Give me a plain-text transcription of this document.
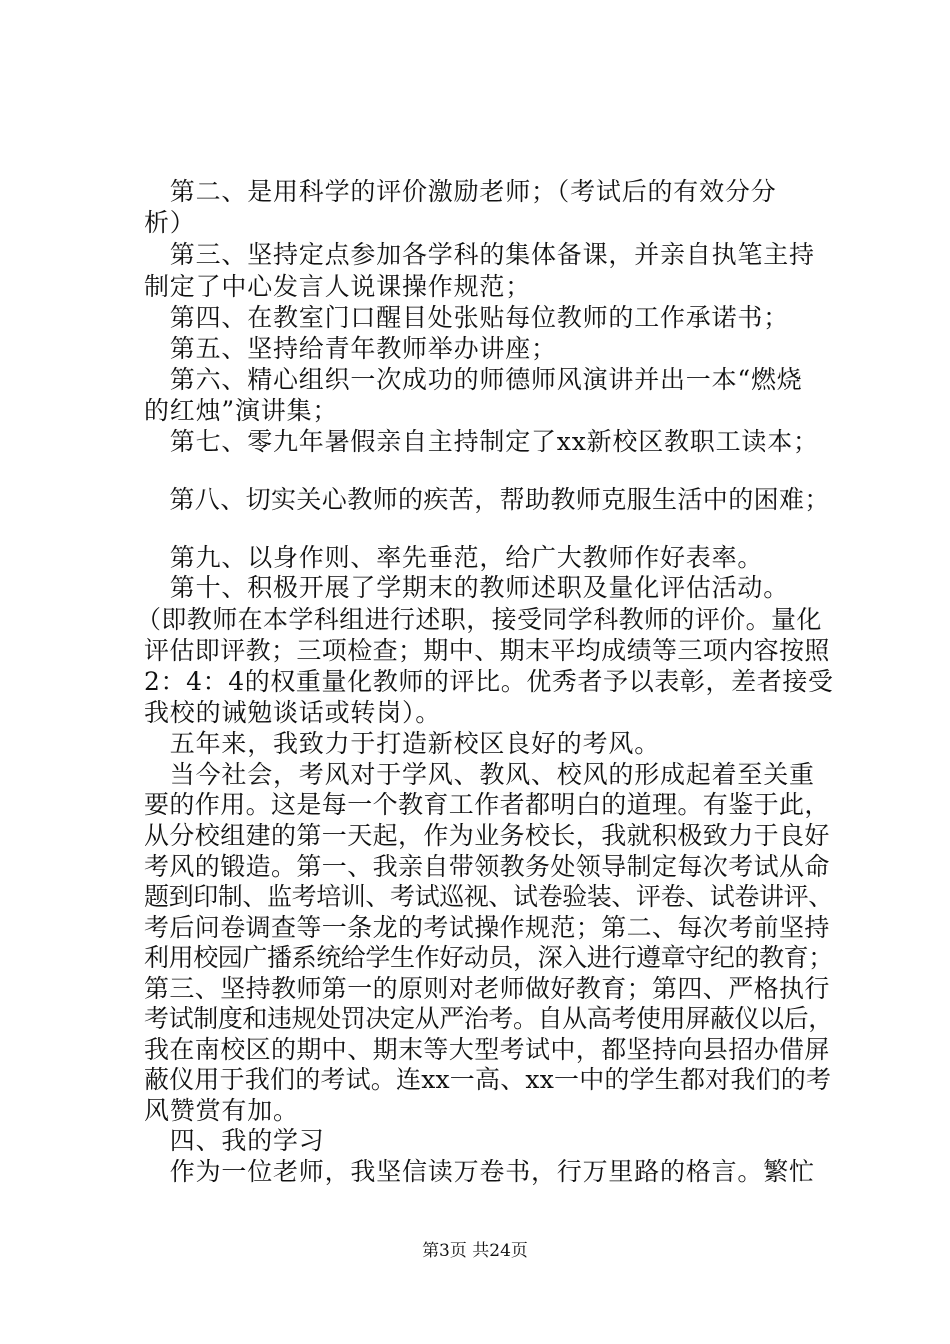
　第二、是用科学的评价激励老师；（考试后的有效分分
析）
　第三、坚持定点参加各学科的集体备课，并亲自执笔主持
制定了中心发言人说课操作规范；
　第四、在教室门口醒目处张贴每位教师的工作承诺书；
　第五、坚持给青年教师举办讲座；
　第六、精心组织一次成功的师德师风演讲并出一本“燃烧
的红烛”演讲集；
　第七、零九年暑假亲自主持制定了xx新校区教职工读本；
　第八、切实关心教师的疾苦，帮助教师克服生活中的困难；
　第九、以身作则、率先垂范，给广大教师作好表率。
　第十、积极开展了学期末的教师述职及量化评估活动。
（即教师在本学科组进行述职，接受同学科教师的评价。量化
评估即评教；三项检查；期中、期末平均成绩等三项内容按照
2：4：4的权重量化教师的评比。优秀者予以表彰，差者接受
我校的诫勉谈话或转岗）。
　五年来，我致力于打造新校区良好的考风。
　当今社会，考风对于学风、教风、校风的形成起着至关重
要的作用。这是每一个教育工作者都明白的道理。有鉴于此，
从分校组建的第一天起，作为业务校长，我就积极致力于良好
考风的锻造。第一、我亲自带领教务处领导制定每次考试从命
题到印制、监考培训、考试巡视、试卷验装、评卷、试卷讲评、
考后问卷调查等一条龙的考试操作规范；第二、每次考前坚持
利用校园广播系统给学生作好动员，深入进行遵章守纪的教育；
第三、坚持教师第一的原则对老师做好教育；第四、严格执行
考试制度和违规处罚决定从严治考。自从高考使用屏蔽仪以后，
我在南校区的期中、期末等大型考试中，都坚持向县招办借屏
蔽仪用于我们的考试。连xx一高、xx一中的学生都对我们的考
风赞赏有加。
　四、我的学习
　作为一位老师，我坚信读万卷书，行万里路的格言。繁忙
第3页 共24页
